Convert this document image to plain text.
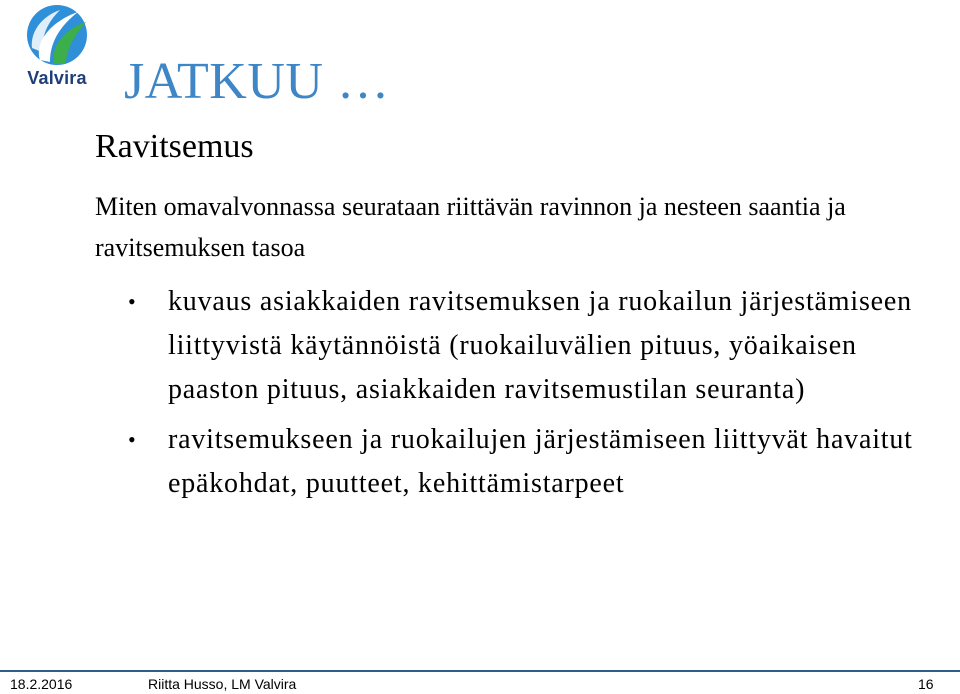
Valvira JATKUU …
Ravitsemus
Miten omavalvonnassa seurataan riittävän ravinnon ja nesteen saantia ja ravitsemuksen tasoa
• kuvaus asiakkaiden ravitsemuksen ja ruokailun järjestämiseen liittyvistä käytännöistä (ruokailuvälien pituus, yöaikaisen paaston pituus, asiakkaiden ravitsemustilan seuranta)
• ravitsemukseen ja ruokailujen järjestämiseen liittyvät havaitut epäkohdat, puutteet, kehittämistarpeet
18.2.2016	Riitta Husso, LM Valvira	16
